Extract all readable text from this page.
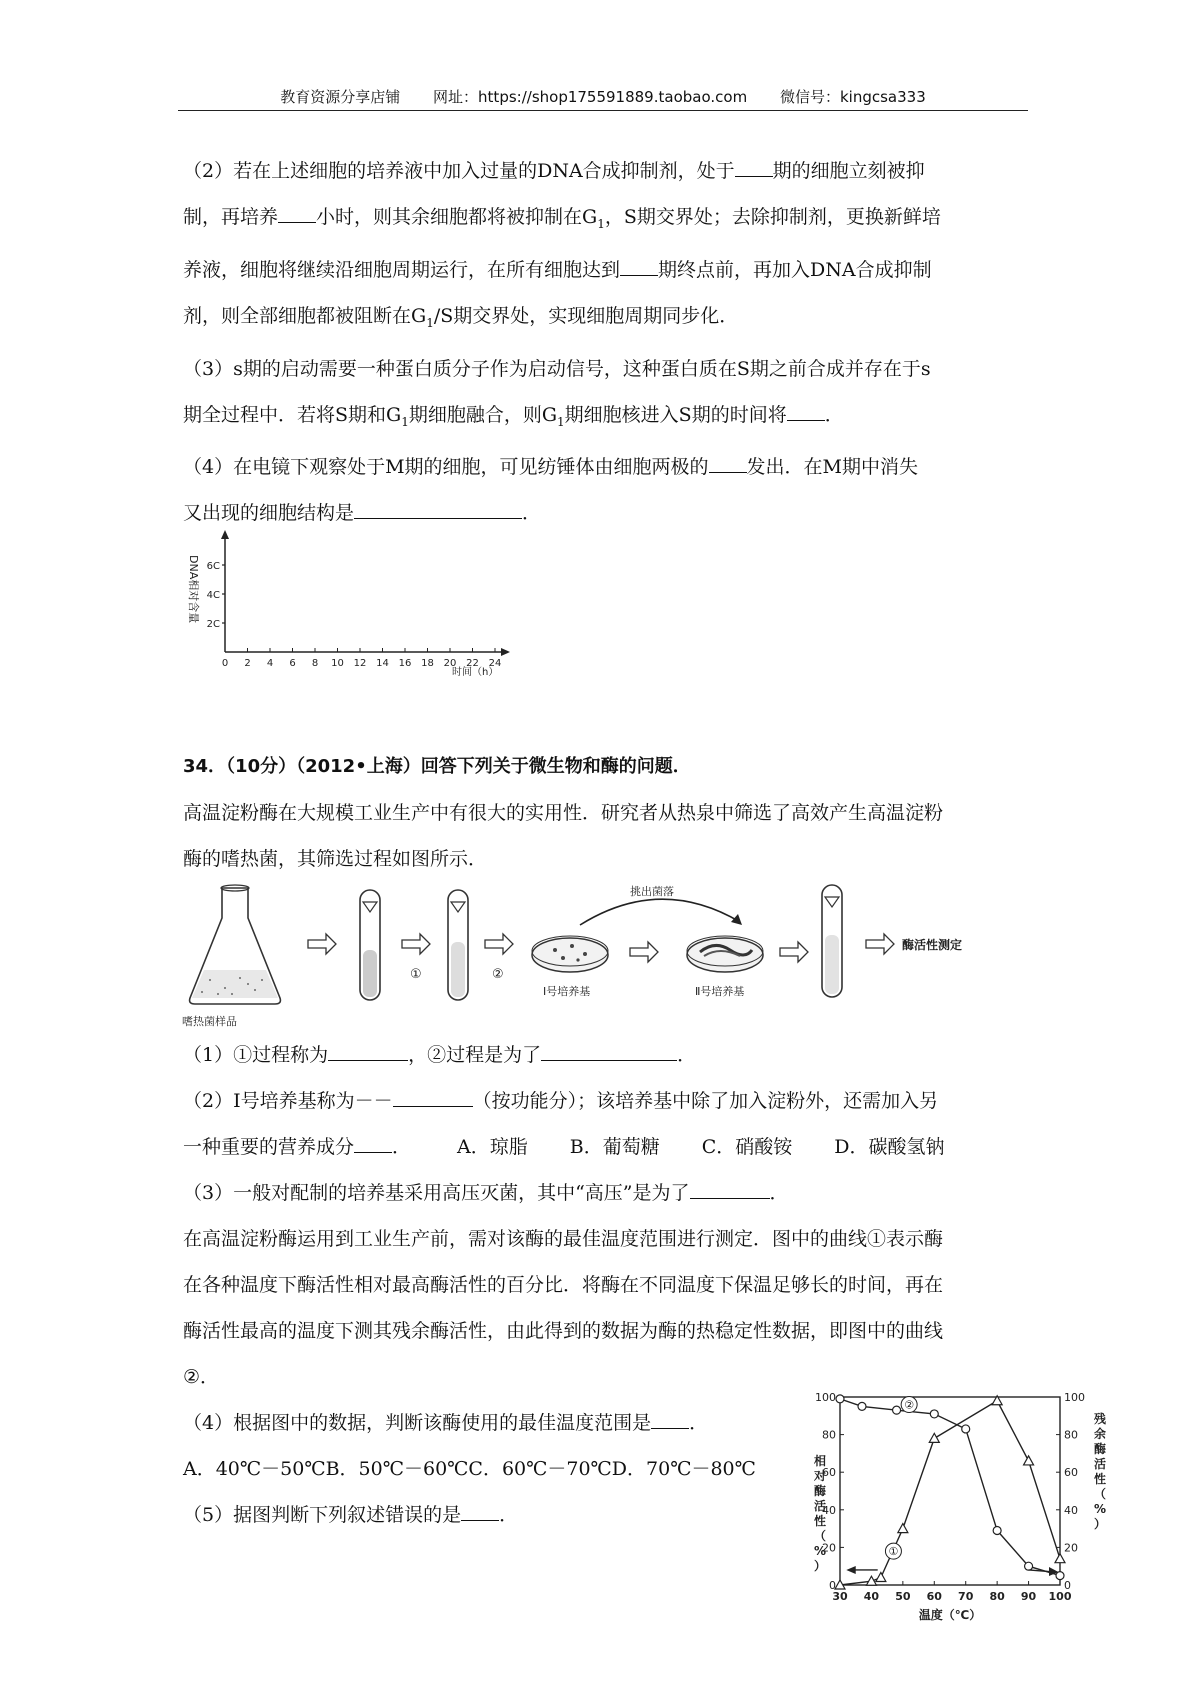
教育资源分享店铺 网址：https://shop175591889.taobao.com 微信号：kingcsa333

（2）若在上述细胞的培养液中加入过量的DNA合成抑制剂，处于 期的细胞立刻被抑

制，再培养 小时，则其余细胞都将被抑制在$G_1$，S期交界处；去除抑制剂，更换新鲜培

养液，细胞将继续沿细胞周期运行，在所有细胞达到 期终点前，再加入DNA合成抑制

剂，则全部细胞都被阻断在$G_1/S$期交界处，实现细胞周期同步化．

（3）s期的启动需要一种蛋白质分子作为启动信号，这种蛋白质在S期之前合成并存在于s

期全过程中．若将S期和$G_1$期细胞融合，则$G_1$期细胞核进入S期的时间将 ．

（4）在电镜下观察处于M期的细胞，可见纺锤体由细胞两极的 发出．在M期中消失

又出现的细胞结构是	．

DNA相对含量
2C
4C
6C
0 2 4 6 8 10 12 14 16 18 20 22 24
时间（h）

34．（10分）（2012•上海）回答下列关于微生物和酶的问题．

高温淀粉酶在大规模工业生产中有很大的实用性．研究者从热泉中筛选了高效产生高温淀粉

酶的嗜热菌，其筛选过程如图所示．

嗜热菌样品
①	②
Ⅰ号培养基
挑出菌落
Ⅱ号培养基
酶活性测定

（1）①过程称为	，②过程是为了	．

（2）Ⅰ号培养基称为－－	（按功能分）；该培养基中除了加入淀粉外，还需加入另

一种重要的营养成分 ． A．琼脂 B．葡萄糖 C．硝酸铵 D．碳酸氢钠

（3）一般对配制的培养基采用高压灭菌，其中“高压”是为了	．

在高温淀粉酶运用到工业生产前，需对该酶的最佳温度范围进行测定．图中的曲线①表示酶

在各种温度下酶活性相对最高酶活性的百分比．将酶在不同温度下保温足够长的时间，再在

酶活性最高的温度下测其残余酶活性，由此得到的数据为酶的热稳定性数据，即图中的曲线

②．

（4）根据图中的数据，判断该酶使用的最佳温度范围是 ．

A．40℃－50℃B．50℃－60℃C．60℃－70℃D．70℃－80℃

（5）据图判断下列叙述错误的是 ．

0	0
20	20
40	40
60	60
80	80
100	100
30 40 50 60 70 80 90 100
温度（℃）
相
对
酶
活
性
（
%
）
残
余
酶
活
性
（
%
）
①
②
